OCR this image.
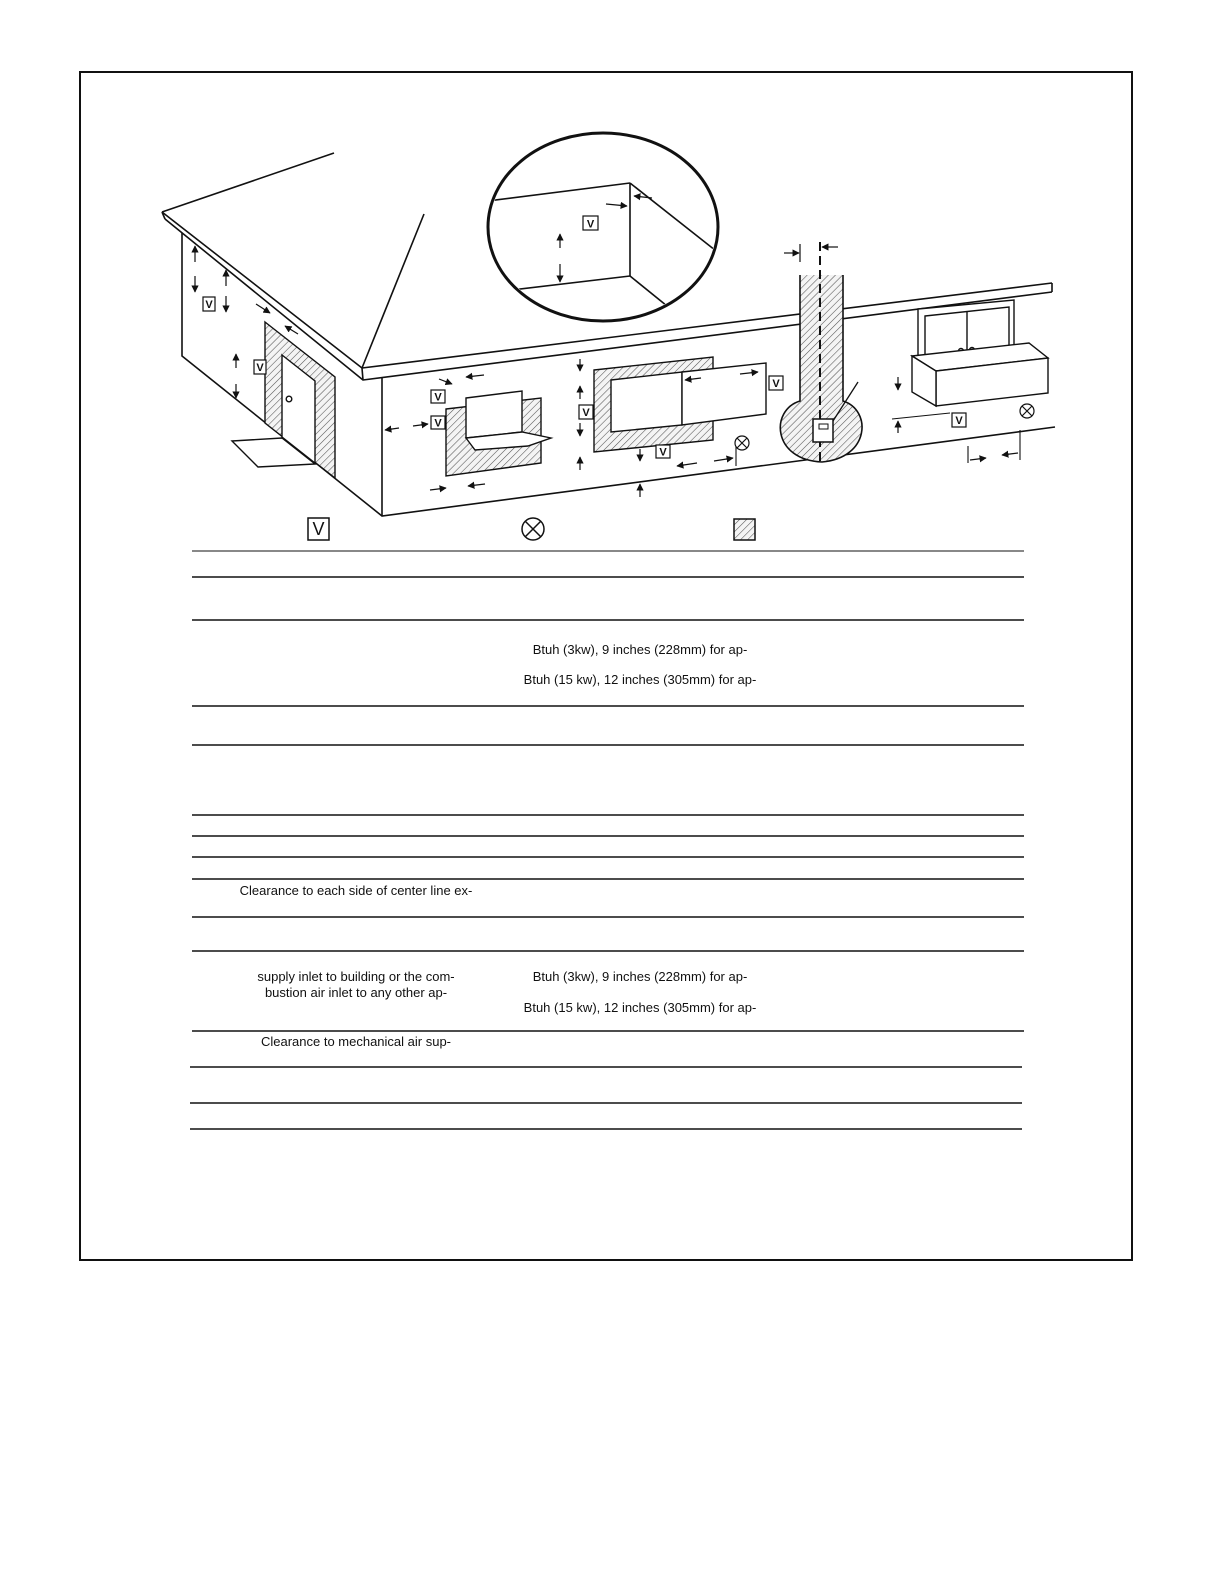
V
V
V
V
V
V
V
V
V
V
Btuh (3kw), 9 inches (228mm) for ap-
Btuh (15 kw), 12 inches (305mm) for ap-
Clearance to each side of center line ex-
supply inlet to building or the com-
bustion air inlet to any other ap-
Btuh (3kw), 9 inches (228mm) for ap-
Btuh (15 kw), 12 inches (305mm) for ap-
Clearance to mechanical air sup-
